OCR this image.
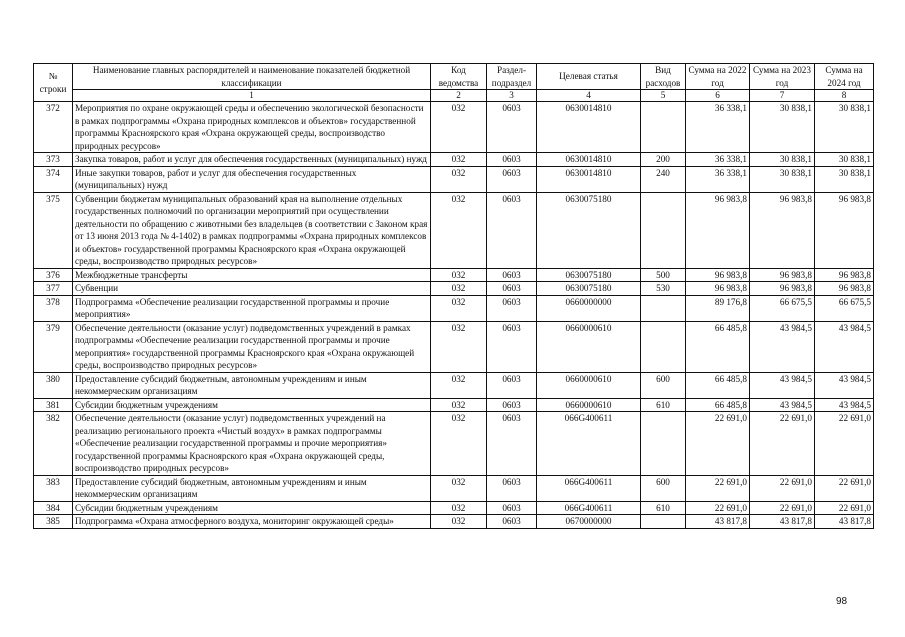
№ строки	Наименование главных распорядителей и наименование показателей бюджетной классификации	Код ведомства	Раздел-подраздел	Целевая статья	Вид расходов	Сумма на 2022 год	Сумма на 2023 год	Сумма на 2024 год
	1	2	3	4	5	6	7	8
372	Мероприятия по охране окружающей среды и обеспечению экологической безопасности в рамках подпрограммы «Охрана природных комплексов и объектов» государственной программы Красноярского края «Охрана окружающей среды, воспроизводство природных ресурсов»	032	0603	0630014810		36 338,1	30 838,1	30 838,1
373	Закупка товаров, работ и услуг для обеспечения государственных (муниципальных) нужд	032	0603	0630014810	200	36 338,1	30 838,1	30 838,1
374	Иные закупки товаров, работ и услуг для обеспечения государственных (муниципальных) нужд	032	0603	0630014810	240	36 338,1	30 838,1	30 838,1
375	Субвенции бюджетам муниципальных образований края на выполнение отдельных государственных полномочий по организации мероприятий при осуществлении деятельности по обращению с животными без владельцев (в соответствии с Законом края от 13 июня 2013 года № 4-1402) в рамках подпрограммы «Охрана природных комплексов и объектов» государственной программы Красноярского края «Охрана окружающей среды, воспроизводство природных ресурсов»	032	0603	0630075180		96 983,8	96 983,8	96 983,8
376	Межбюджетные трансферты	032	0603	0630075180	500	96 983,8	96 983,8	96 983,8
377	Субвенции	032	0603	0630075180	530	96 983,8	96 983,8	96 983,8
378	Подпрограмма «Обеспечение реализации государственной программы и прочие мероприятия»	032	0603	0660000000		89 176,8	66 675,5	66 675,5
379	Обеспечение деятельности (оказание услуг) подведомственных учреждений в рамках подпрограммы «Обеспечение реализации государственной программы и прочие мероприятия» государственной программы Красноярского края «Охрана окружающей среды, воспроизводство природных ресурсов»	032	0603	0660000610		66 485,8	43 984,5	43 984,5
380	Предоставление субсидий бюджетным, автономным учреждениям и иным некоммерческим организациям	032	0603	0660000610	600	66 485,8	43 984,5	43 984,5
381	Субсидии бюджетным учреждениям	032	0603	0660000610	610	66 485,8	43 984,5	43 984,5
382	Обеспечение деятельности (оказание услуг) подведомственных учреждений на реализацию регионального проекта «Чистый воздух» в рамках подпрограммы «Обеспечение реализации государственной программы и прочие мероприятия» государственной программы Красноярского края «Охрана окружающей среды, воспроизводство природных ресурсов»	032	0603	066G400611		22 691,0	22 691,0	22 691,0
383	Предоставление субсидий бюджетным, автономным учреждениям и иным некоммерческим организациям	032	0603	066G400611	600	22 691,0	22 691,0	22 691,0
384	Субсидии бюджетным учреждениям	032	0603	066G400611	610	22 691,0	22 691,0	22 691,0
385	Подпрограмма «Охрана атмосферного воздуха, мониторинг окружающей среды»	032	0603	0670000000		43 817,8	43 817,8	43 817,8
98
